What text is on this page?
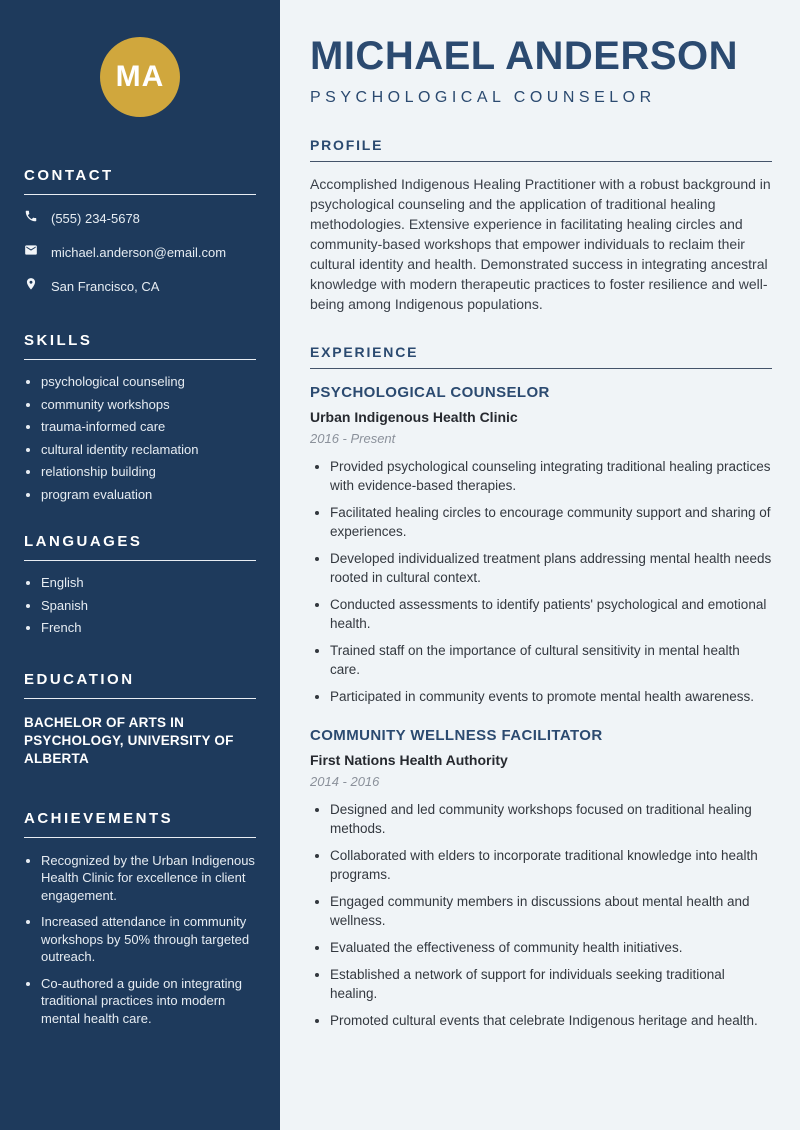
MA
CONTACT
(555) 234-5678
michael.anderson@email.com
San Francisco, CA
SKILLS
• psychological counseling
• community workshops
• trauma-informed care
• cultural identity reclamation
• relationship building
• program evaluation
LANGUAGES
• English
• Spanish
• French
EDUCATION
BACHELOR OF ARTS IN PSYCHOLOGY, UNIVERSITY OF ALBERTA
ACHIEVEMENTS
• Recognized by the Urban Indigenous Health Clinic for excellence in client engagement.
• Increased attendance in community workshops by 50% through targeted outreach.
• Co-authored a guide on integrating traditional practices into modern mental health care.
MICHAEL ANDERSON
PSYCHOLOGICAL COUNSELOR
PROFILE

Accomplished Indigenous Healing Practitioner with a robust background in psychological counseling and the application of traditional healing methodologies. Extensive experience in facilitating healing circles and community-based workshops that empower individuals to reclaim their cultural identity and health. Demonstrated success in integrating ancestral knowledge with modern therapeutic practices to foster resilience and well-being among Indigenous populations.

EXPERIENCE
PSYCHOLOGICAL COUNSELOR
Urban Indigenous Health Clinic
2016 - Present
• Provided psychological counseling integrating traditional healing practices with evidence-based therapies.
• Facilitated healing circles to encourage community support and sharing of experiences.
• Developed individualized treatment plans addressing mental health needs rooted in cultural context.
• Conducted assessments to identify patients' psychological and emotional health.
• Trained staff on the importance of cultural sensitivity in mental health care.
• Participated in community events to promote mental health awareness.
COMMUNITY WELLNESS FACILITATOR
First Nations Health Authority
2014 - 2016
• Designed and led community workshops focused on traditional healing methods.
• Collaborated with elders to incorporate traditional knowledge into health programs.
• Engaged community members in discussions about mental health and wellness.
• Evaluated the effectiveness of community health initiatives.
• Established a network of support for individuals seeking traditional healing.
• Promoted cultural events that celebrate Indigenous heritage and health.
